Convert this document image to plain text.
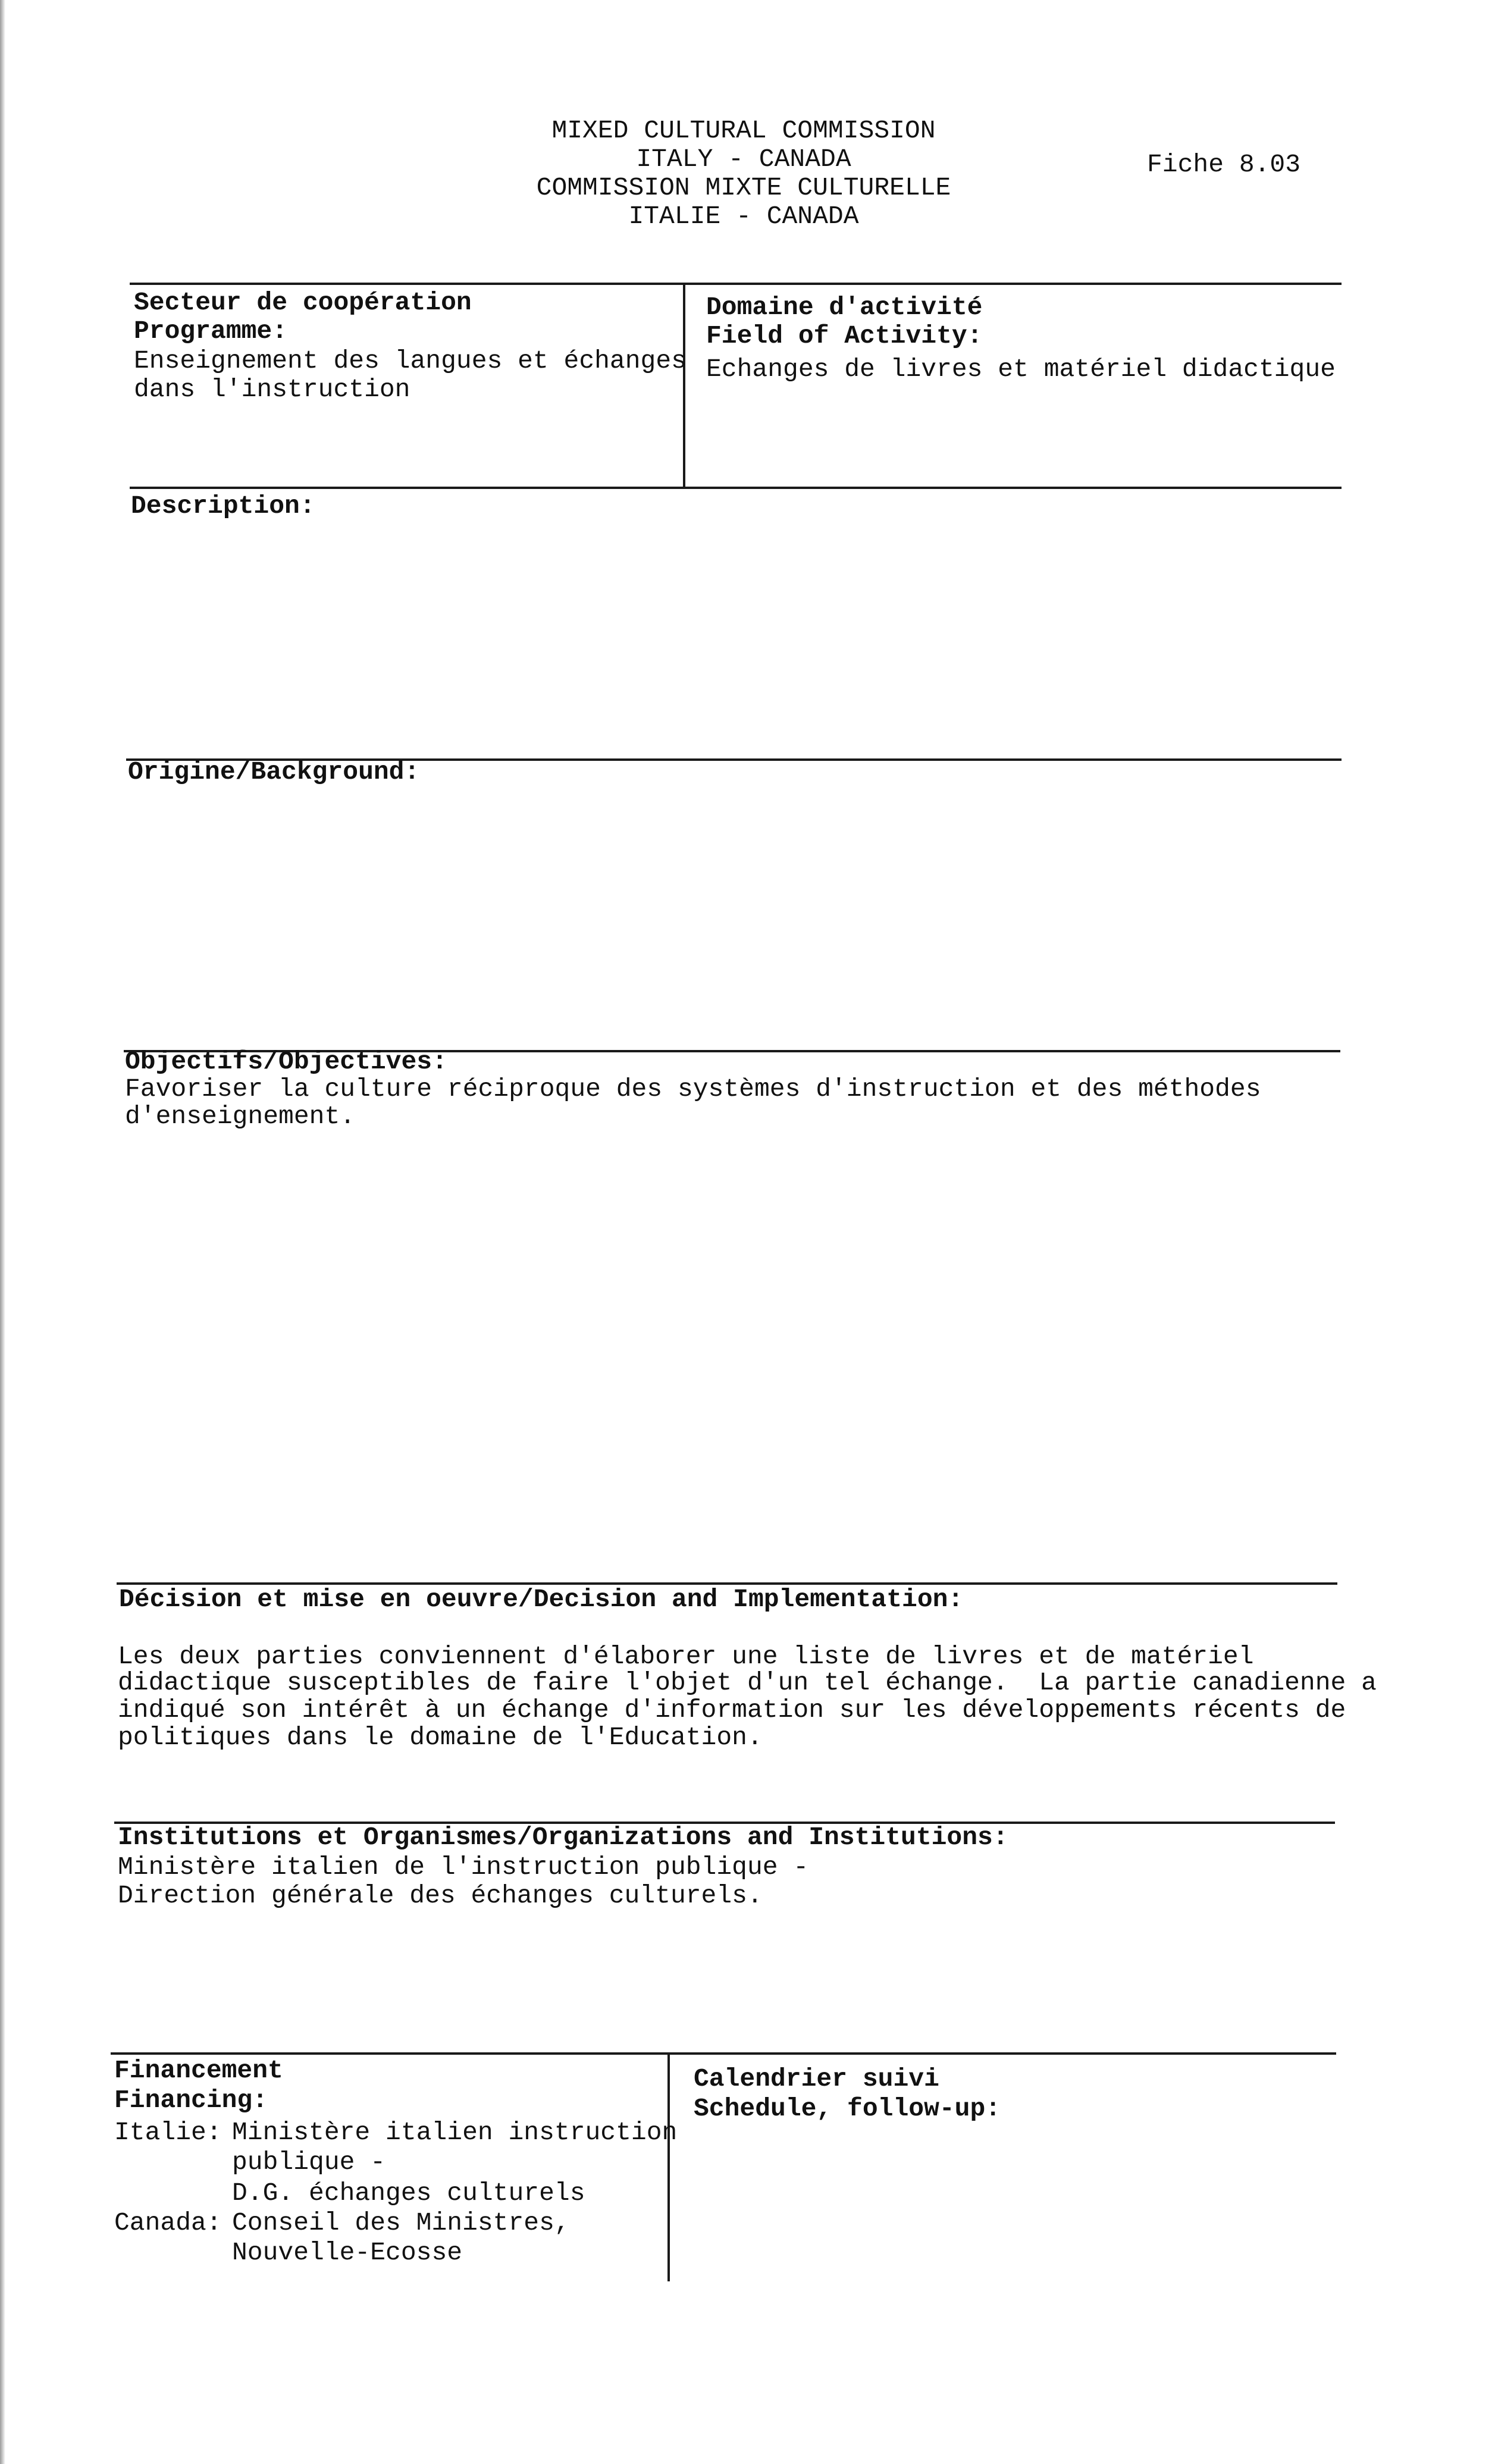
MIXED CULTURAL COMMISSION
ITALY - CANADA
COMMISSION MIXTE CULTURELLE
ITALIE - CANADA
Fiche 8.03
Secteur de coopération
Programme:
Enseignement des langues et échanges
dans l'instruction
Domaine d'activité
Field of Activity:
Echanges de livres et matériel didactique
Description:
Origine/Background:
Objectifs/Objectives:
Favoriser la culture réciproque des systèmes d'instruction et des méthodes
d'enseignement.
Décision et mise en oeuvre/Decision and Implementation:
Les deux parties conviennent d'élaborer une liste de livres et de matériel
didactique susceptibles de faire l'objet d'un tel échange.  La partie canadienne a
indiqué son intérêt à un échange d'information sur les développements récents de
politiques dans le domaine de l'Education.
Institutions et Organismes/Organizations and Institutions:
Ministère italien de l'instruction publique -
Direction générale des échanges culturels.
Financement
Financing:
Italie: Ministère italien instruction
publique -
D.G. échanges culturels
Canada: Conseil des Ministres,
Nouvelle-Ecosse
Calendrier suivi
Schedule, follow-up:
